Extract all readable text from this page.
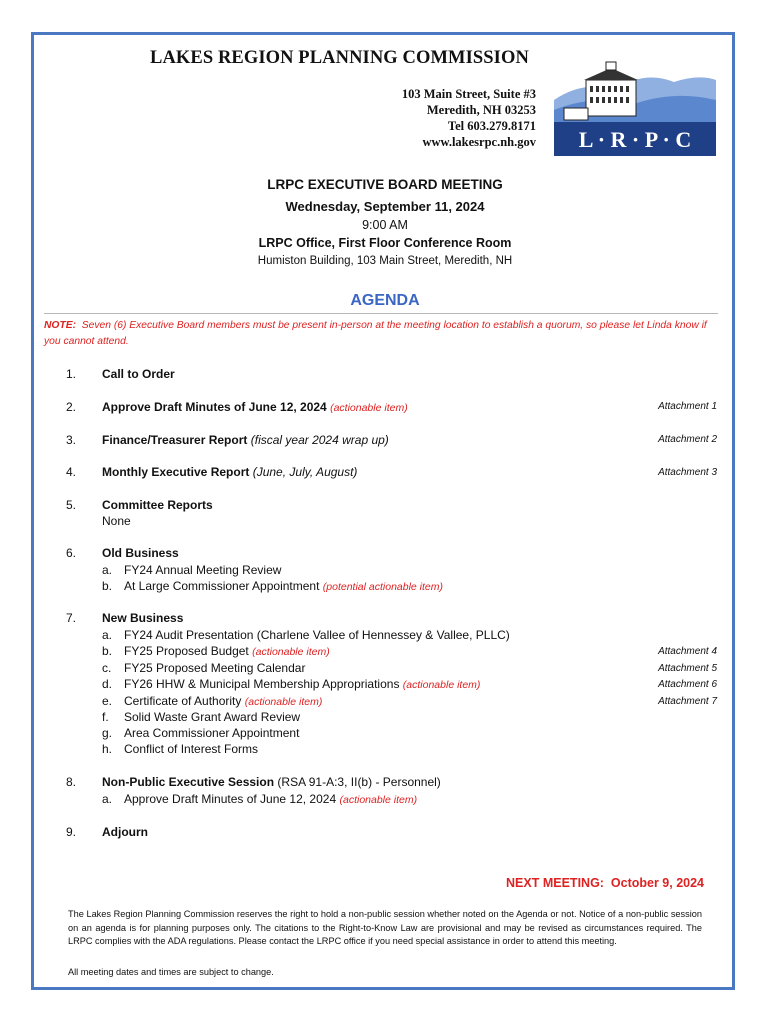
LAKES REGION PLANNING COMMISSION
103 Main Street, Suite #3
Meredith, NH 03253
Tel 603.279.8171
www.lakesrpc.nh.gov L · R · P · C
LRPC EXECUTIVE BOARD MEETING
Wednesday, September 11, 2024
9:00 AM
LRPC Office, First Floor Conference Room
Humiston Building, 103 Main Street, Meredith, NH
AGENDA
NOTE: Seven (6) Executive Board members must be present in-person at the meeting location to establish a quorum, so please let Linda know if you cannot attend.
1. Call to Order
2. Approve Draft Minutes of June 12, 2024 (actionable item)	Attachment 1
3. Finance/Treasurer Report (fiscal year 2024 wrap up)	Attachment 2
4. Monthly Executive Report (June, July, August)	Attachment 3
5. Committee Reports
None
6. Old Business
a. FY24 Annual Meeting Review
b. At Large Commissioner Appointment (potential actionable item)
7. New Business
a. FY24 Audit Presentation (Charlene Vallee of Hennessey & Vallee, PLLC)
b. FY25 Proposed Budget (actionable item)	Attachment 4
c. FY25 Proposed Meeting Calendar	Attachment 5
d. FY26 HHW & Municipal Membership Appropriations (actionable item)	Attachment 6
e. Certificate of Authority (actionable item)	Attachment 7
f. Solid Waste Grant Award Review
g. Area Commissioner Appointment
h. Conflict of Interest Forms
8. Non-Public Executive Session (RSA 91-A:3, II(b) - Personnel)
a. Approve Draft Minutes of June 12, 2024 (actionable item)
9. Adjourn
NEXT MEETING:  October 9, 2024
The Lakes Region Planning Commission reserves the right to hold a non-public session whether noted on the Agenda or not. Notice of a non-public session on an agenda is for planning purposes only. The citations to the Right-to-Know Law are provisional and may be revised as circumstances required. The LRPC complies with the ADA regulations. Please contact the LRPC office if you need special assistance in order to attend this meeting.
All meeting dates and times are subject to change.
